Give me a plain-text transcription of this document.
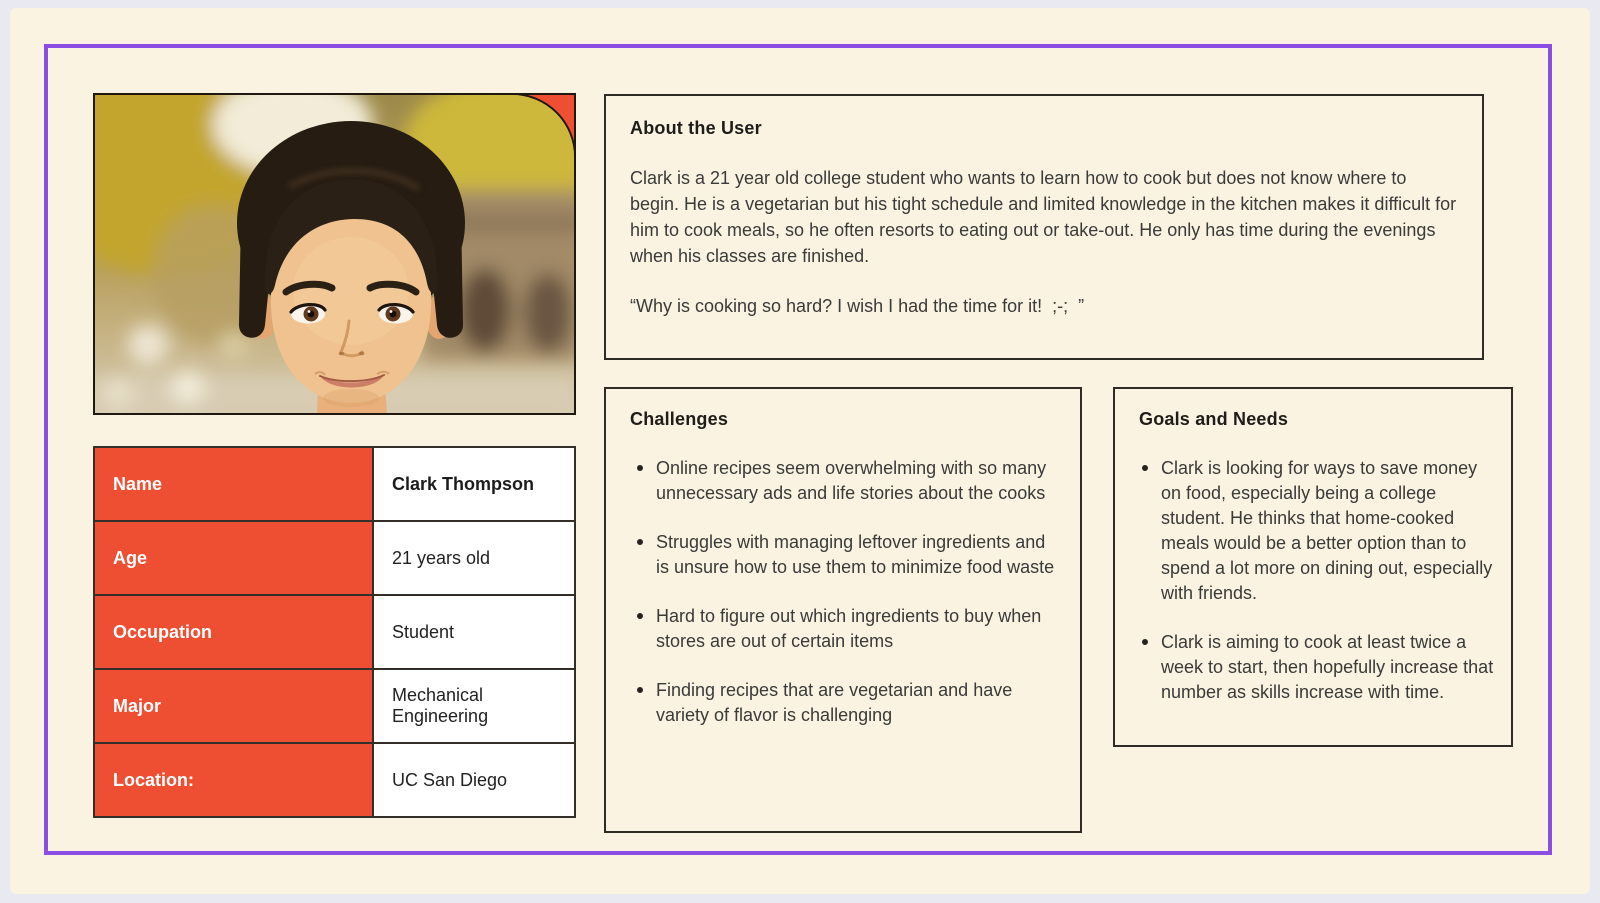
Name	Clark Thompson
Age	21 years old
Occupation	Student
Major	Mechanical Engineering
Location:	UC San Diego
About the User

Clark is a 21 year old college student who wants to learn how to cook but does not know where to begin. He is a vegetarian but his tight schedule and limited knowledge in the kitchen makes it difficult for him to cook meals, so he often resorts to eating out or take-out. He only has time during the evenings when his classes are finished.

“Why is cooking so hard? I wish I had the time for it!  ;-;  ”

Challenges
Online recipes seem overwhelming with so many unnecessary ads and life stories about the cooks
Struggles with managing leftover ingredients and is unsure how to use them to minimize food waste
Hard to figure out which ingredients to buy when stores are out of certain items
Finding recipes that are vegetarian and have variety of flavor is challenging
Goals and Needs
Clark is looking for ways to save money on food, especially being a college student. He thinks that home-cooked meals would be a better option than to spend a lot more on dining out, especially with friends.
Clark is aiming to cook at least twice a week to start, then hopefully increase that number as skills increase with time.
